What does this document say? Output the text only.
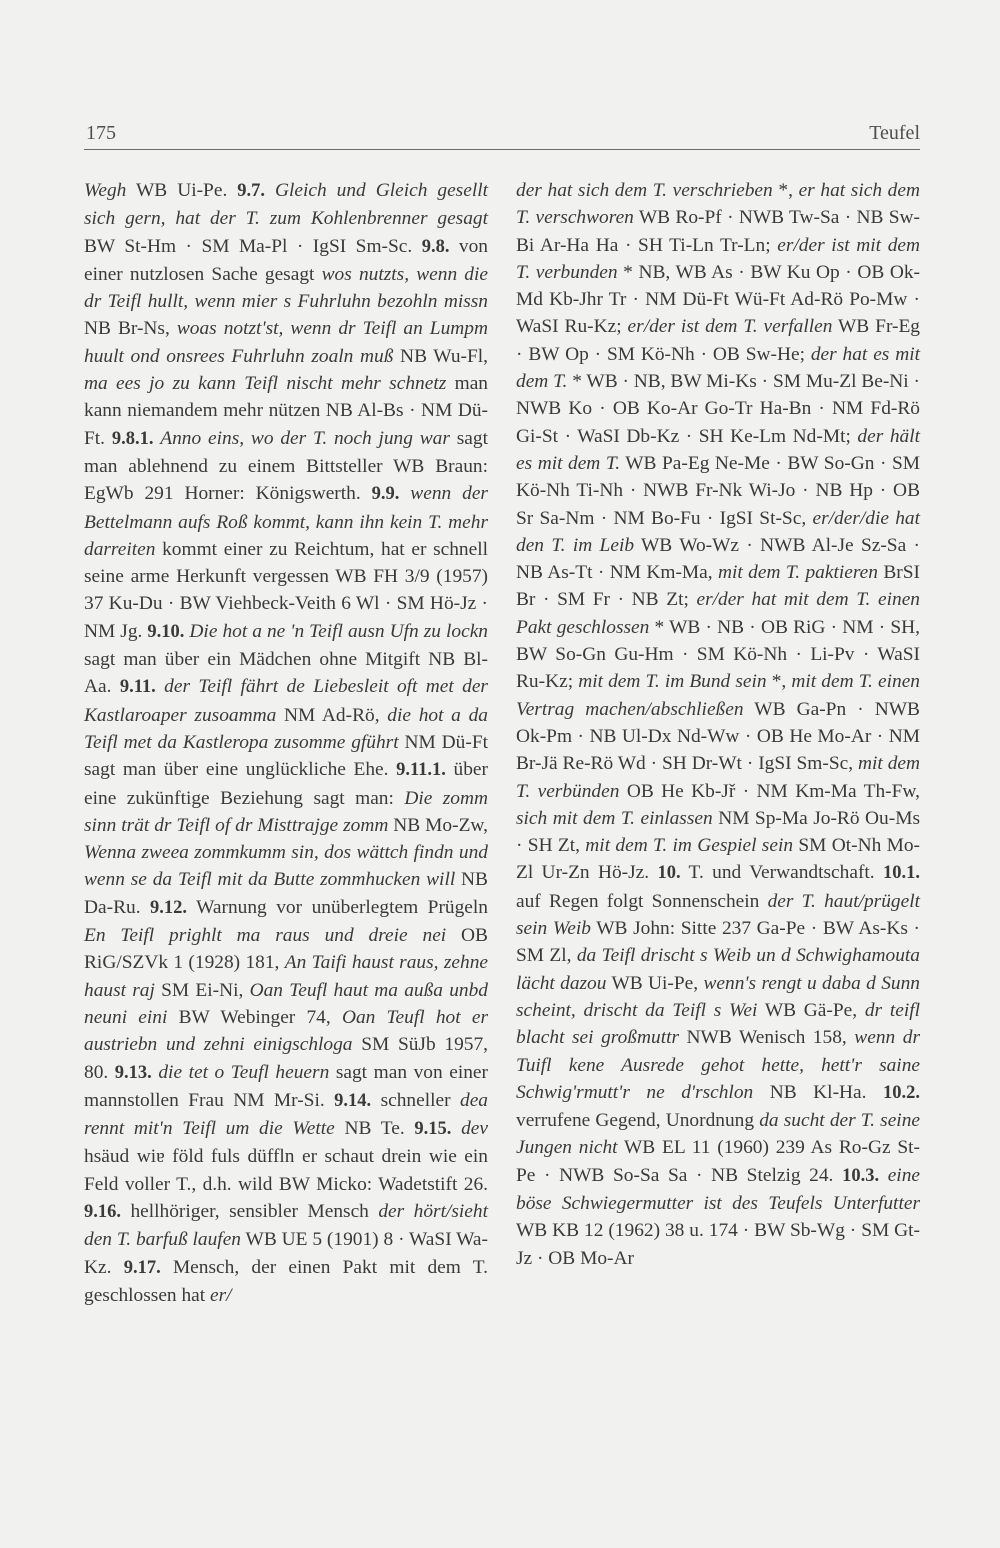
175	Teufel

Wegh WB Ui-Pe. 9.7. Gleich und Gleich gesellt sich gern, hat der T. zum Kohlenbrenner gesagt BW St-Hm · SM Ma-Pl · IgSI Sm-Sc. 9.8. von einer nutzlosen Sache gesagt wos nutzts, wenn die dr Teifl hullt, wenn mier s Fuhrluhn bezohln missn NB Br-Ns, woas notzt'st, wenn dr Teifl an Lumpm huult ond onsrees Fuhrluhn zoaln muß NB Wu-Fl, ma ees jo zu kann Teifl nischt mehr schnetz man kann niemandem mehr nützen NB Al-Bs · NM Dü-Ft. 9.8.1. Anno eins, wo der T. noch jung war sagt man ablehnend zu einem Bittsteller WB Braun: EgWb 291 Horner: Königswerth. 9.9. wenn der Bettelmann aufs Roß kommt, kann ihn kein T. mehr darreiten kommt einer zu Reichtum, hat er schnell seine arme Herkunft vergessen WB FH 3/9 (1957) 37 Ku-Du · BW Viehbeck-Veith 6 Wl · SM Hö-Jz · NM Jg. 9.10. Die hot a ne 'n Teifl ausn Ufn zu lockn sagt man über ein Mädchen ohne Mitgift NB Bl-Aa. 9.11. der Teifl fährt de Liebesleit oft met der Kastlaroaper zusoamma NM Ad-Rö, die hot a da Teifl met da Kastleropa zusomme gführt NM Dü-Ft sagt man über eine unglückliche Ehe. 9.11.1. über eine zukünftige Beziehung sagt man: Die zomm sinn trät dr Teifl of dr Misttrajge zomm NB Mo-Zw, Wenna zweea zommkumm sin, dos wättch findn und wenn se da Teifl mit da Butte zommhucken will NB Da-Ru. 9.12. Warnung vor unüberlegtem Prügeln En Teifl prighlt ma raus und dreie nei OB RiG/SZVk 1 (1928) 181, An Taifi haust raus, zehne haust raj SM Ei-Ni, Oan Teufl haut ma außa unbd neuni eini BW Webinger 74, Oan Teufl hot er austriebn und zehni einigschloga SM SüJb 1957, 80. 9.13. die tet o Teufl heuern sagt man von einer mannstollen Frau NM Mr-Si. 9.14. schneller dea rennt mit'n Teifl um die Wette NB Te. 9.15. dev hsäud wiɐ föld fuls düffln er schaut drein wie ein Feld voller T., d.h. wild BW Micko: Wadetstift 26. 9.16. hellhöriger, sensibler Mensch der hört/sieht den T. barfuß laufen WB UE 5 (1901) 8 · WaSI Wa-Kz. 9.17. Mensch, der einen Pakt mit dem T. geschlossen hat er/

der hat sich dem T. verschrieben *, er hat sich dem T. verschworen WB Ro-Pf · NWB Tw-Sa · NB Sw-Bi Ar-Ha Ha · SH Ti-Ln Tr-Ln; er/der ist mit dem T. verbunden * NB, WB As · BW Ku Op · OB Ok-Md Kb-Jhr Tr · NM Dü-Ft Wü-Ft Ad-Rö Po-Mw · WaSI Ru-Kz; er/der ist dem T. verfallen WB Fr-Eg · BW Op · SM Kö-Nh · OB Sw-He; der hat es mit dem T. * WB · NB, BW Mi-Ks · SM Mu-Zl Be-Ni · NWB Ko · OB Ko-Ar Go-Tr Ha-Bn · NM Fd-Rö Gi-St · WaSI Db-Kz · SH Ke-Lm Nd-Mt; der hält es mit dem T. WB Pa-Eg Ne-Me · BW So-Gn · SM Kö-Nh Ti-Nh · NWB Fr-Nk Wi-Jo · NB Hp · OB Sr Sa-Nm · NM Bo-Fu · IgSI St-Sc, er/der/die hat den T. im Leib WB Wo-Wz · NWB Al-Je Sz-Sa · NB As-Tt · NM Km-Ma, mit dem T. paktieren BrSI Br · SM Fr · NB Zt; er/der hat mit dem T. einen Pakt geschlossen * WB · NB · OB RiG · NM · SH, BW So-Gn Gu-Hm · SM Kö-Nh · Li-Pv · WaSI Ru-Kz; mit dem T. im Bund sein *, mit dem T. einen Vertrag machen/abschließen WB Ga-Pn · NWB Ok-Pm · NB Ul-Dx Nd-Ww · OB He Mo-Ar · NM Br-Jä Re-Rö Wd · SH Dr-Wt · IgSI Sm-Sc, mit dem T. verbünden OB He Kb-Jř · NM Km-Ma Th-Fw, sich mit dem T. einlassen NM Sp-Ma Jo-Rö Ou-Ms · SH Zt, mit dem T. im Gespiel sein SM Ot-Nh Mo-Zl Ur-Zn Hö-Jz. 10. T. und Verwandtschaft. 10.1. auf Regen folgt Sonnenschein der T. haut/prügelt sein Weib WB John: Sitte 237 Ga-Pe · BW As-Ks · SM Zl, da Teifl drischt s Weib un d Schwighamouta lächt dazou WB Ui-Pe, wenn's rengt u daba d Sunn scheint, drischt da Teifl s Wei WB Gä-Pe, dr teifl blacht sei großmuttr NWB Wenisch 158, wenn dr Tuifl kene Ausrede gehot hette, hett'r saine Schwig'rmutt'r ne d'rschlon NB Kl-Ha. 10.2. verrufene Gegend, Unordnung da sucht der T. seine Jungen nicht WB EL 11 (1960) 239 As Ro-Gz St-Pe · NWB So-Sa Sa · NB Stelzig 24. 10.3. eine böse Schwiegermutter ist des Teufels Unterfutter WB KB 12 (1962) 38 u. 174 · BW Sb-Wg · SM Gt-Jz · OB Mo-Ar
